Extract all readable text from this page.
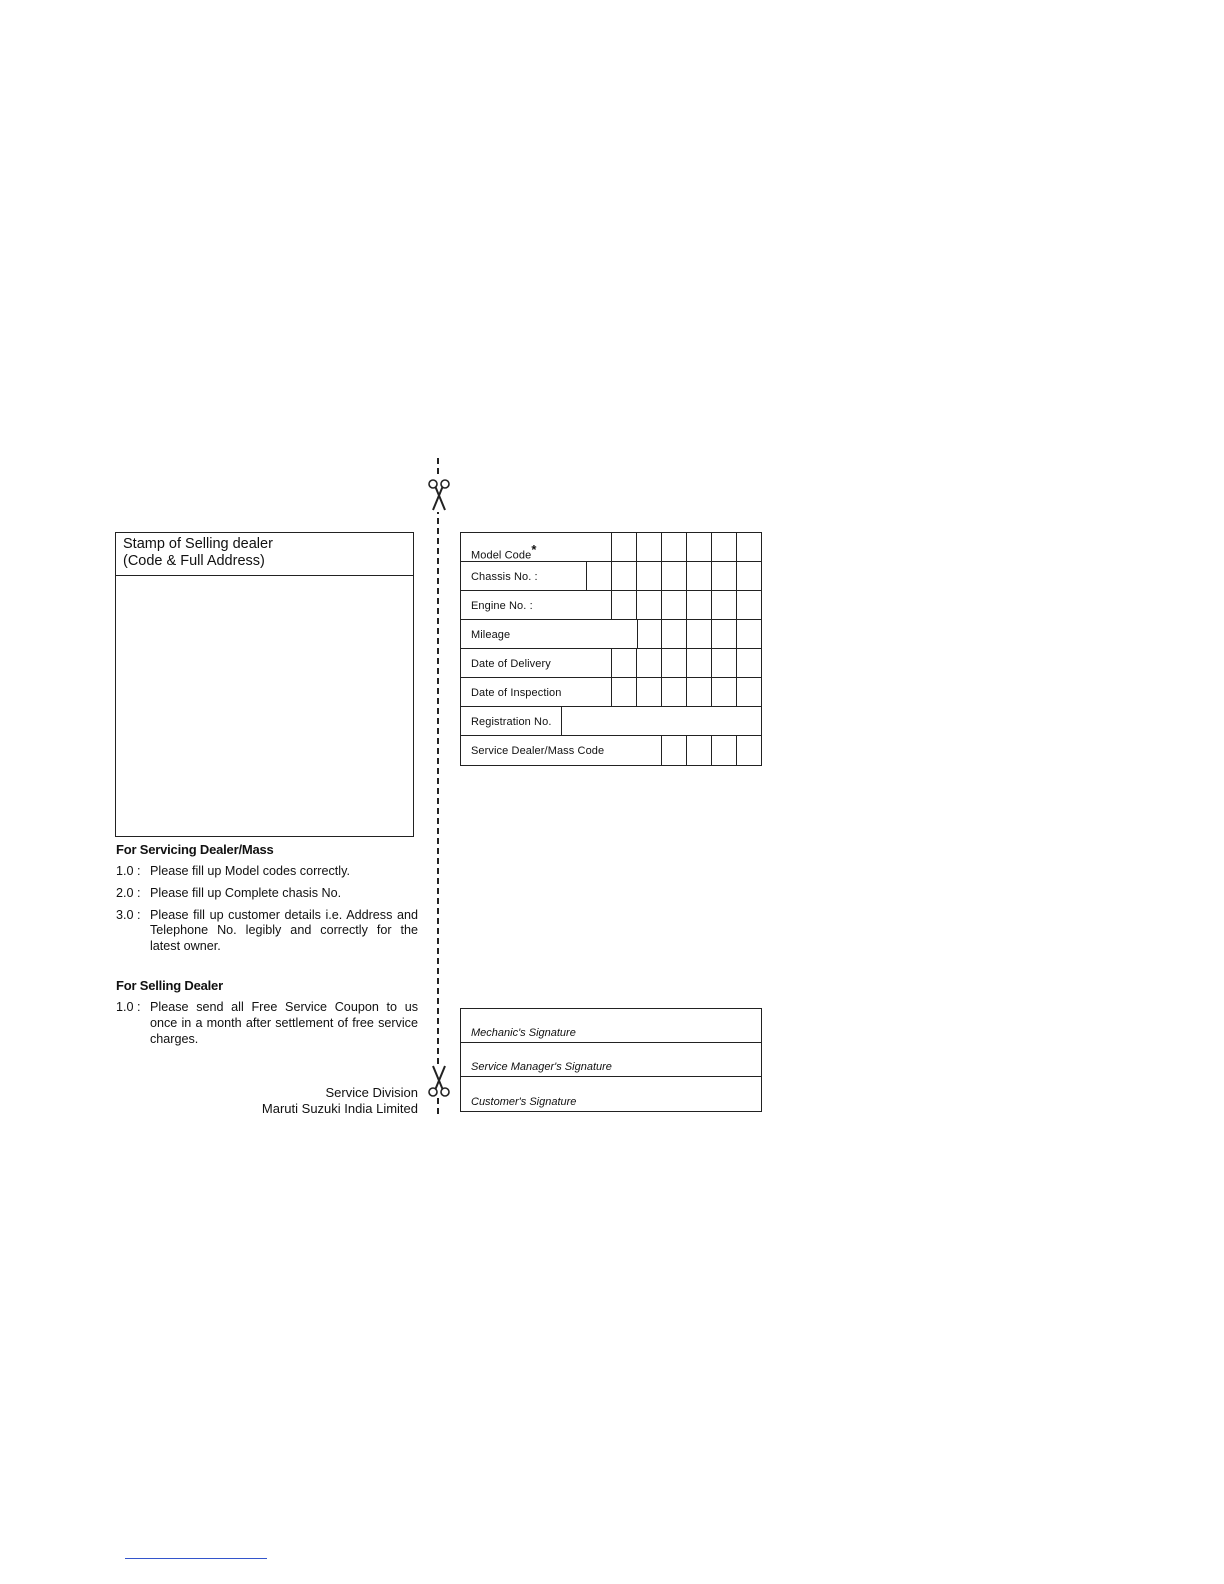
Stamp of Selling dealer
(Code & Full Address)
For Servicing Dealer/Mass
1.0 : Please fill up Model codes correctly.
2.0 : Please fill up Complete chasis No.
3.0 : Please fill up customer details i.e. Address and Telephone No. legibly and correctly for the latest owner.
For Selling Dealer
1.0 : Please send all Free Service Coupon to us once in a month after settlement of free service charges.
Service Division
Maruti Suzuki India Limited
Model Code*
Chassis No. :
Engine No. :
Mileage
Date of Delivery
Date of Inspection
Registration No.
Service Dealer/Mass Code
Mechanic's Signature
Service Manager's Signature
Customer's Signature
